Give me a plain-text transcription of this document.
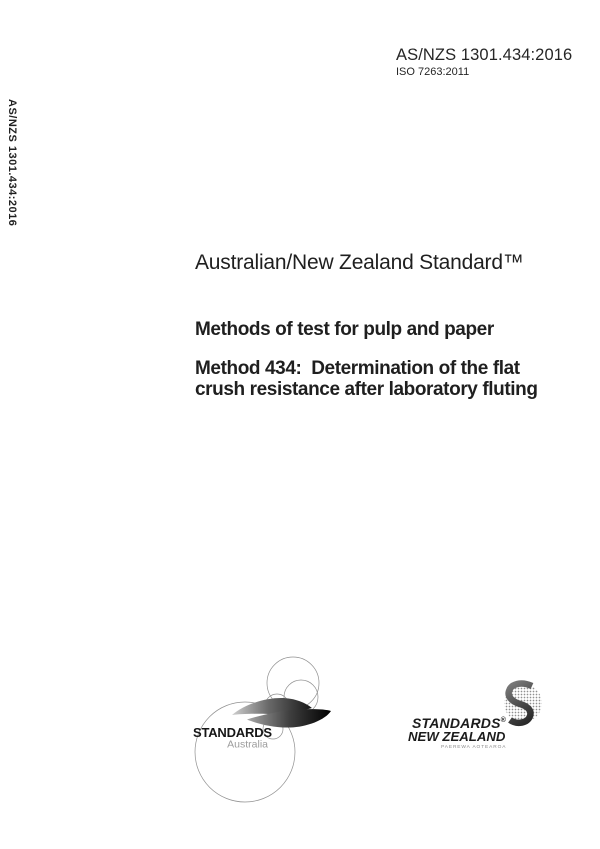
AS/NZS 1301.434:2016
ISO 7263:2011
AS/NZS 1301.434:2016
Australian/New Zealand Standard™
Methods of test for pulp and paper
Method 434:  Determination of the flat
crush resistance after laboratory fluting
STANDARDS
Australia
STANDARDS®
NEW ZEALAND
PAEREWA AOTEAROA
